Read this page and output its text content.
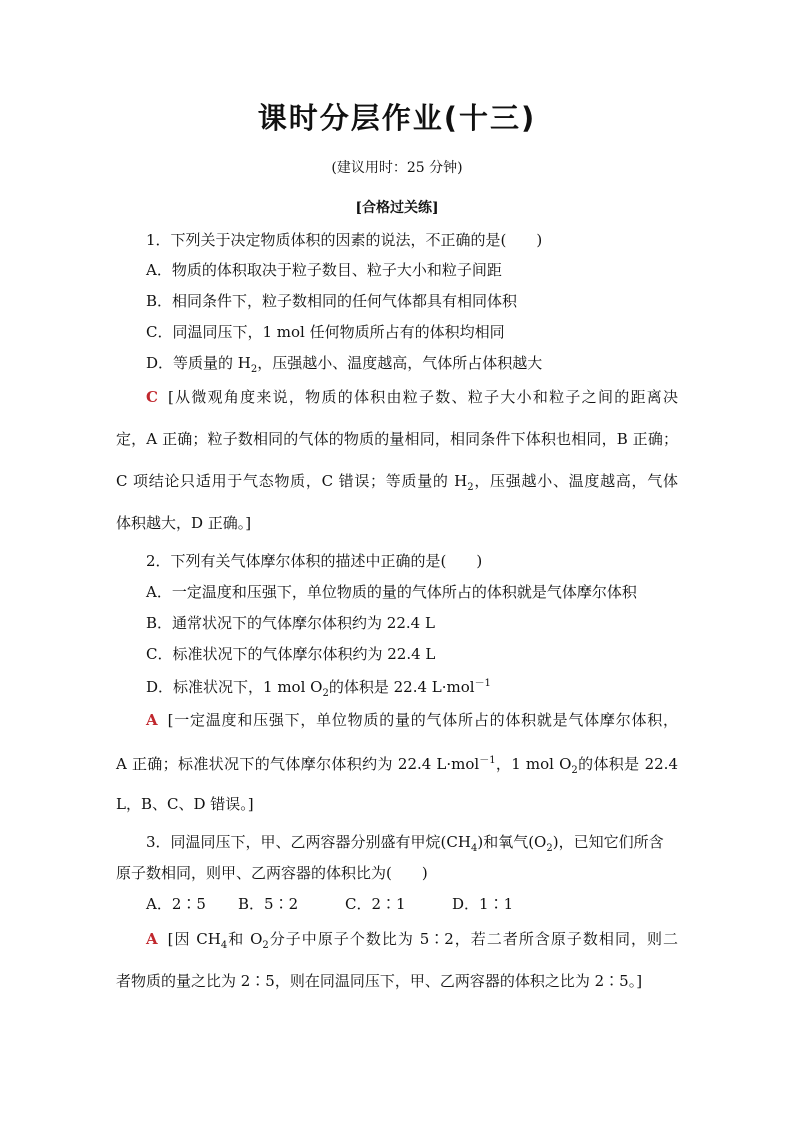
课时分层作业(十三)
(建议用时：25 分钟)
[合格过关练]
1．下列关于决定物质体积的因素的说法，不正确的是(　　)
A．物质的体积取决于粒子数目、粒子大小和粒子间距
B．相同条件下，粒子数相同的任何气体都具有相同体积
C．同温同压下，1 mol 任何物质所占有的体积均相同
D．等质量的 $H_2$，压强越小、温度越高，气体所占体积越大
C [从微观角度来说，物质的体积由粒子数、粒子大小和粒子之间的距离决
定，A 正确；粒子数相同的气体的物质的量相同，相同条件下体积也相同，B 正确；
C 项结论只适用于气态物质，C 错误；等质量的 $H_2$，压强越小、温度越高，气体
体积越大，D 正确。]
2．下列有关气体摩尔体积的描述中正确的是(　　)
A．一定温度和压强下，单位物质的量的气体所占的体积就是气体摩尔体积
B．通常状况下的气体摩尔体积约为 22.4 L
C．标准状况下的气体摩尔体积约为 22.4 L
D．标准状况下，1 mol $O_2$的体积是 22.4 L·mol$^{-1}$
A [一定温度和压强下，单位物质的量的气体所占的体积就是气体摩尔体积，
A 正确；标准状况下的气体摩尔体积约为 22.4 L·mol$^{-1}$，1 mol $O_2$的体积是 22.4
L，B、C、D 错误。]
3．同温同压下，甲、乙两容器分别盛有甲烷$(CH_4)$和氧气$(O_2)$，已知它们所含
原子数相同，则甲、乙两容器的体积比为(　　)
A．2∶5 B．5∶2	C．2∶1	D．1∶1
A [因 $CH_4$和 $O_2$分子中原子个数比为 5∶2，若二者所含原子数相同，则二
者物质的量之比为 2∶5，则在同温同压下，甲、乙两容器的体积之比为 2∶5。]
